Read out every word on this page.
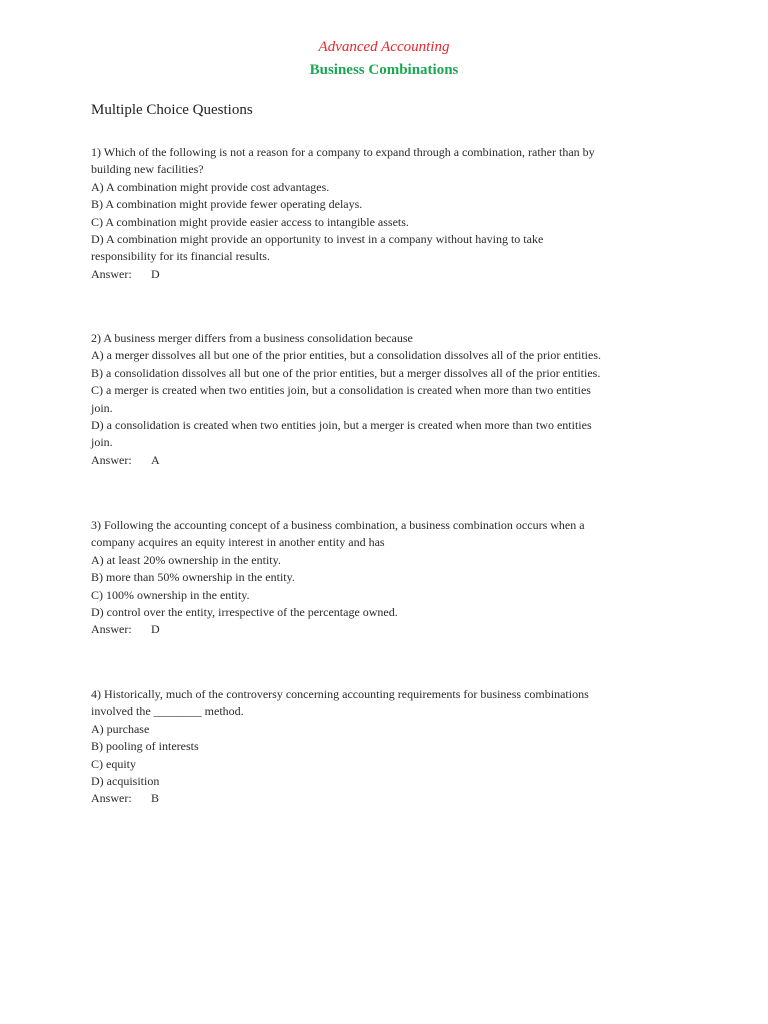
Advanced Accounting
Business Combinations
Multiple Choice Questions
1) Which of the following is not a reason for a company to expand through a combination, rather than by
building new facilities?
A) A combination might provide cost advantages.
B) A combination might provide fewer operating delays.
C) A combination might provide easier access to intangible assets.
D) A combination might provide an opportunity to invest in a company without having to take
responsibility for its financial results.
Answer: D
2) A business merger differs from a business consolidation because
A) a merger dissolves all but one of the prior entities, but a consolidation dissolves all of the prior entities.
B) a consolidation dissolves all but one of the prior entities, but a merger dissolves all of the prior entities.
C) a merger is created when two entities join, but a consolidation is created when more than two entities
join.
D) a consolidation is created when two entities join, but a merger is created when more than two entities
join.
Answer: A
3) Following the accounting concept of a business combination, a business combination occurs when a
company acquires an equity interest in another entity and has
A) at least 20% ownership in the entity.
B) more than 50% ownership in the entity.
C) 100% ownership in the entity.
D) control over the entity, irrespective of the percentage owned.
Answer: D
4) Historically, much of the controversy concerning accounting requirements for business combinations
involved the ________ method.
A) purchase
B) pooling of interests
C) equity
D) acquisition
Answer: B
